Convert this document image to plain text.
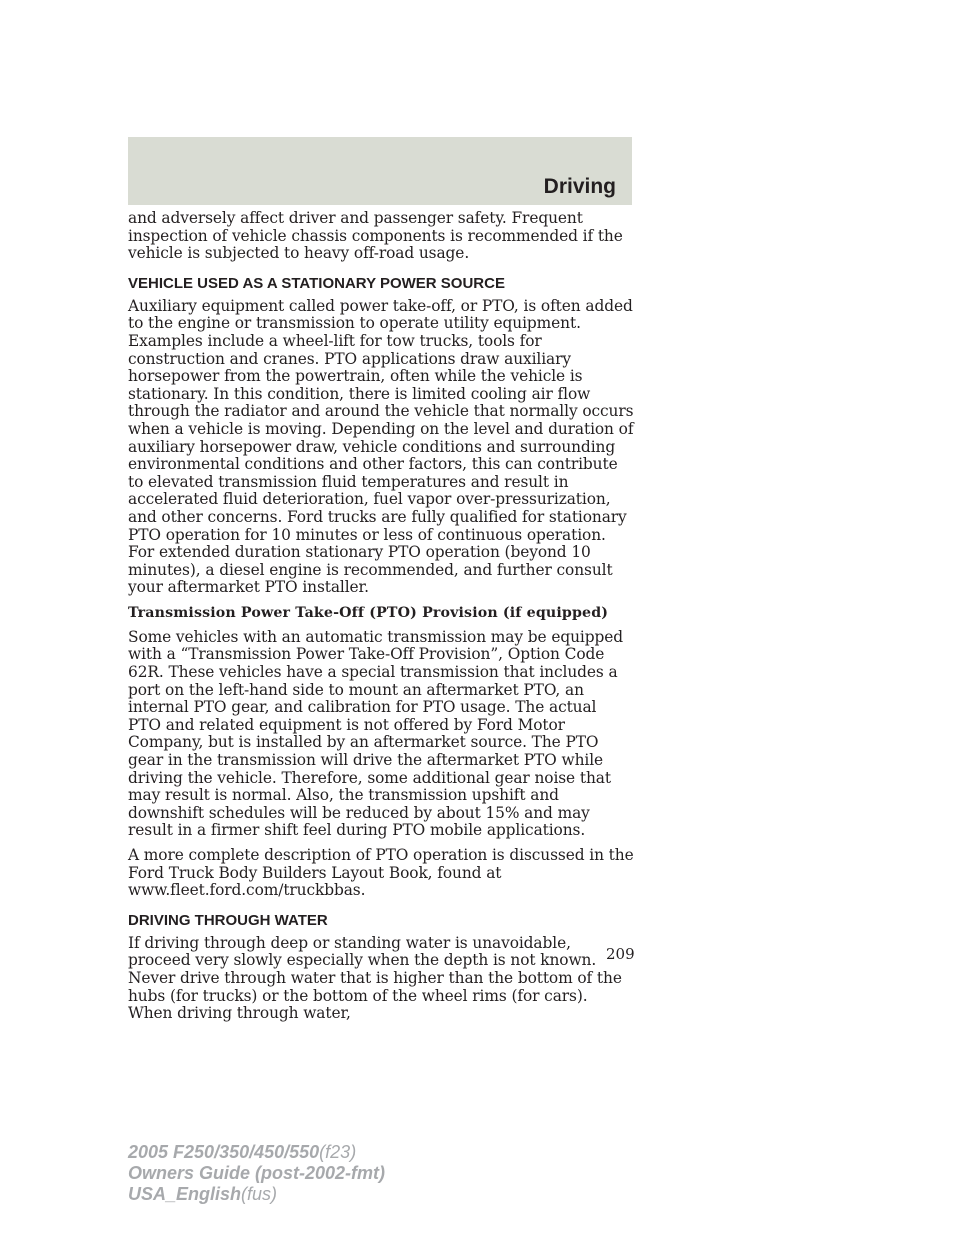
Driving

and adversely affect driver and passenger safety. Frequent inspection of vehicle chassis components is recommended if the vehicle is subjected to heavy off-road usage.

VEHICLE USED AS A STATIONARY POWER SOURCE

Auxiliary equipment called power take-off, or PTO, is often added to the engine or transmission to operate utility equipment. Examples include a wheel-lift for tow trucks, tools for construction and cranes. PTO applications draw auxiliary horsepower from the powertrain, often while the vehicle is stationary. In this condition, there is limited cooling air flow through the radiator and around the vehicle that normally occurs when a vehicle is moving. Depending on the level and duration of auxiliary horsepower draw, vehicle conditions and surrounding environmental conditions and other factors, this can contribute to elevated transmission fluid temperatures and result in accelerated fluid deterioration, fuel vapor over-pressurization, and other concerns. Ford trucks are fully qualified for stationary PTO operation for 10 minutes or less of continuous operation. For extended duration stationary PTO operation (beyond 10 minutes), a diesel engine is recommended, and further consult your aftermarket PTO installer.

Transmission Power Take-Off (PTO) Provision (if equipped)

Some vehicles with an automatic transmission may be equipped with a “Transmission Power Take-Off Provision”, Option Code 62R. These vehicles have a special transmission that includes a port on the left-hand side to mount an aftermarket PTO, an internal PTO gear, and calibration for PTO usage. The actual PTO and related equipment is not offered by Ford Motor Company, but is installed by an aftermarket source. The PTO gear in the transmission will drive the aftermarket PTO while driving the vehicle. Therefore, some additional gear noise that may result is normal. Also, the transmission upshift and downshift schedules will be reduced by about 15% and may result in a firmer shift feel during PTO mobile applications.

A more complete description of PTO operation is discussed in the Ford Truck Body Builders Layout Book, found at www.fleet.ford.com/truckbbas.

DRIVING THROUGH WATER

If driving through deep or standing water is unavoidable, proceed very slowly especially when the depth is not known. Never drive through water that is higher than the bottom of the hubs (for trucks) or the bottom of the wheel rims (for cars). When driving through water,

209

2005 F250/350/450/550(f23)
Owners Guide (post-2002-fmt)
USA_English(fus)
